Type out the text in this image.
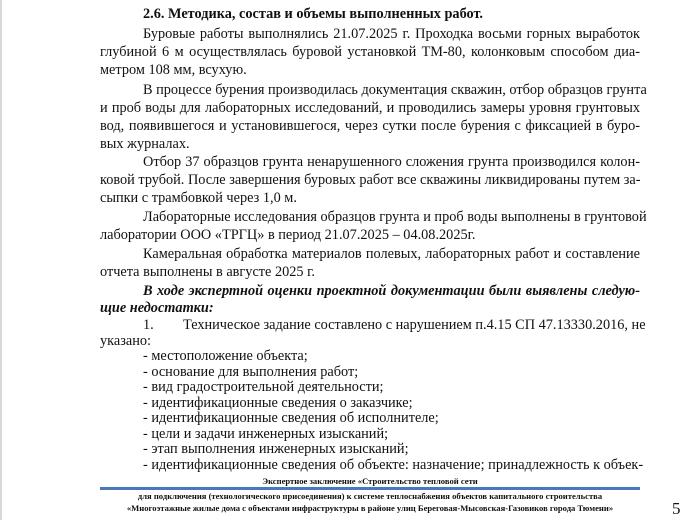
2.6. Методика, состав и объемы выполненных работ.
Буровые работы выполнялись 21.07.2025 г. Проходка восьми горных выработок
глубиной 6 м осуществлялась буровой установкой ТМ-80, колонковым способом диа-
метром 108 мм, всухую.
В процессе бурения производилась документация скважин, отбор образцов грунта
и проб воды для лабораторных исследований, и проводились замеры уровня грунтовых
вод, появившегося и установившегося, через сутки после бурения с фиксацией в буро-
вых журналах.
Отбор 37 образцов грунта ненарушенного сложения грунта производился колон-
ковой трубой. После завершения буровых работ все скважины ликвидированы путем за-
сыпки с трамбовкой через 1,0 м.
Лабораторные исследования образцов грунта и проб воды выполнены в грунтовой
лаборатории ООО «ТРГЦ» в период 21.07.2025 – 04.08.2025г.
Камеральная обработка материалов полевых, лабораторных работ и составление
отчета выполнены в августе 2025 г.
В ходе экспертной оценки проектной документации были выявлены следую-
щие недостатки:
1. Техническое задание составлено с нарушением п.4.15 СП 47.13330.2016, не
указано:
- местоположение объекта;
- основание для выполнения работ;
- вид градостроительной деятельности;
- идентификационные сведения о заказчике;
- идентификационные сведения об исполнителе;
- цели и задачи инженерных изысканий;
- этап выполнения инженерных изысканий;
- идентификационные сведения об объекте: назначение; принадлежность к объек-
Экспертное заключение «Строительство тепловой сети
для подключения (технологического присоединения) к системе теплоснабжения объектов капитального строительства
«Многоэтажные жилые дома с объектами инфраструктуры в районе улиц Береговая-Мысовская-Газовиков города Тюмени»	5
